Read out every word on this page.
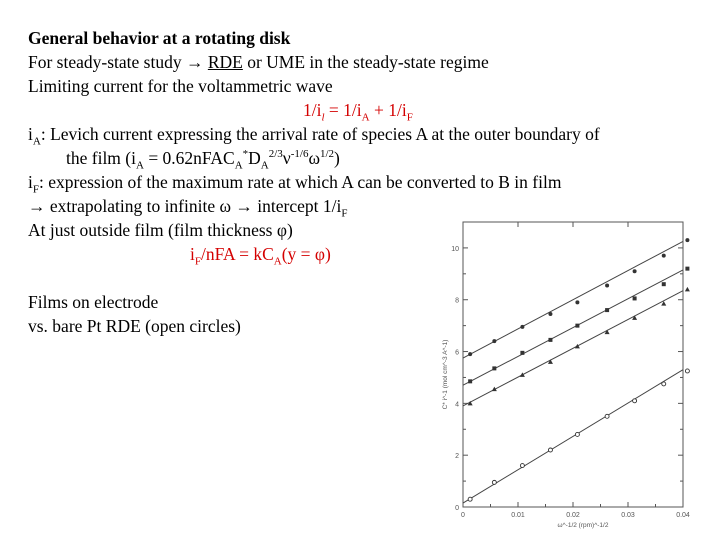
General behavior at a rotating disk
For steady-state study → RDE or UME in the steady-state regime
Limiting current for the voltammetric wave
$1/i_l = 1/i_A + 1/i_F$
$i_A$: Levich current expressing the arrival rate of species A at the outer boundary of
the film ($i_A$ = $0.62nFAC_A^*D_A^{2/3}\nu^{-1/6}\omega^{1/2}$)
$i_F$: expression of the maximum rate at which A can be converted to B in film
→ extrapolating to infinite ω → intercept $1/i_F$
At just outside film (film thickness φ)
$i_F$/nFA = $kC_A(y = \varphi)$
Films on electrode
vs. bare Pt RDE (open circles)
0
2
4
6
8
10
0	0.01	0.02	0.03	0.04
ω^-1/2 (rpm)^-1/2
C* i^-1 (mol cm^-3 A^-1)
